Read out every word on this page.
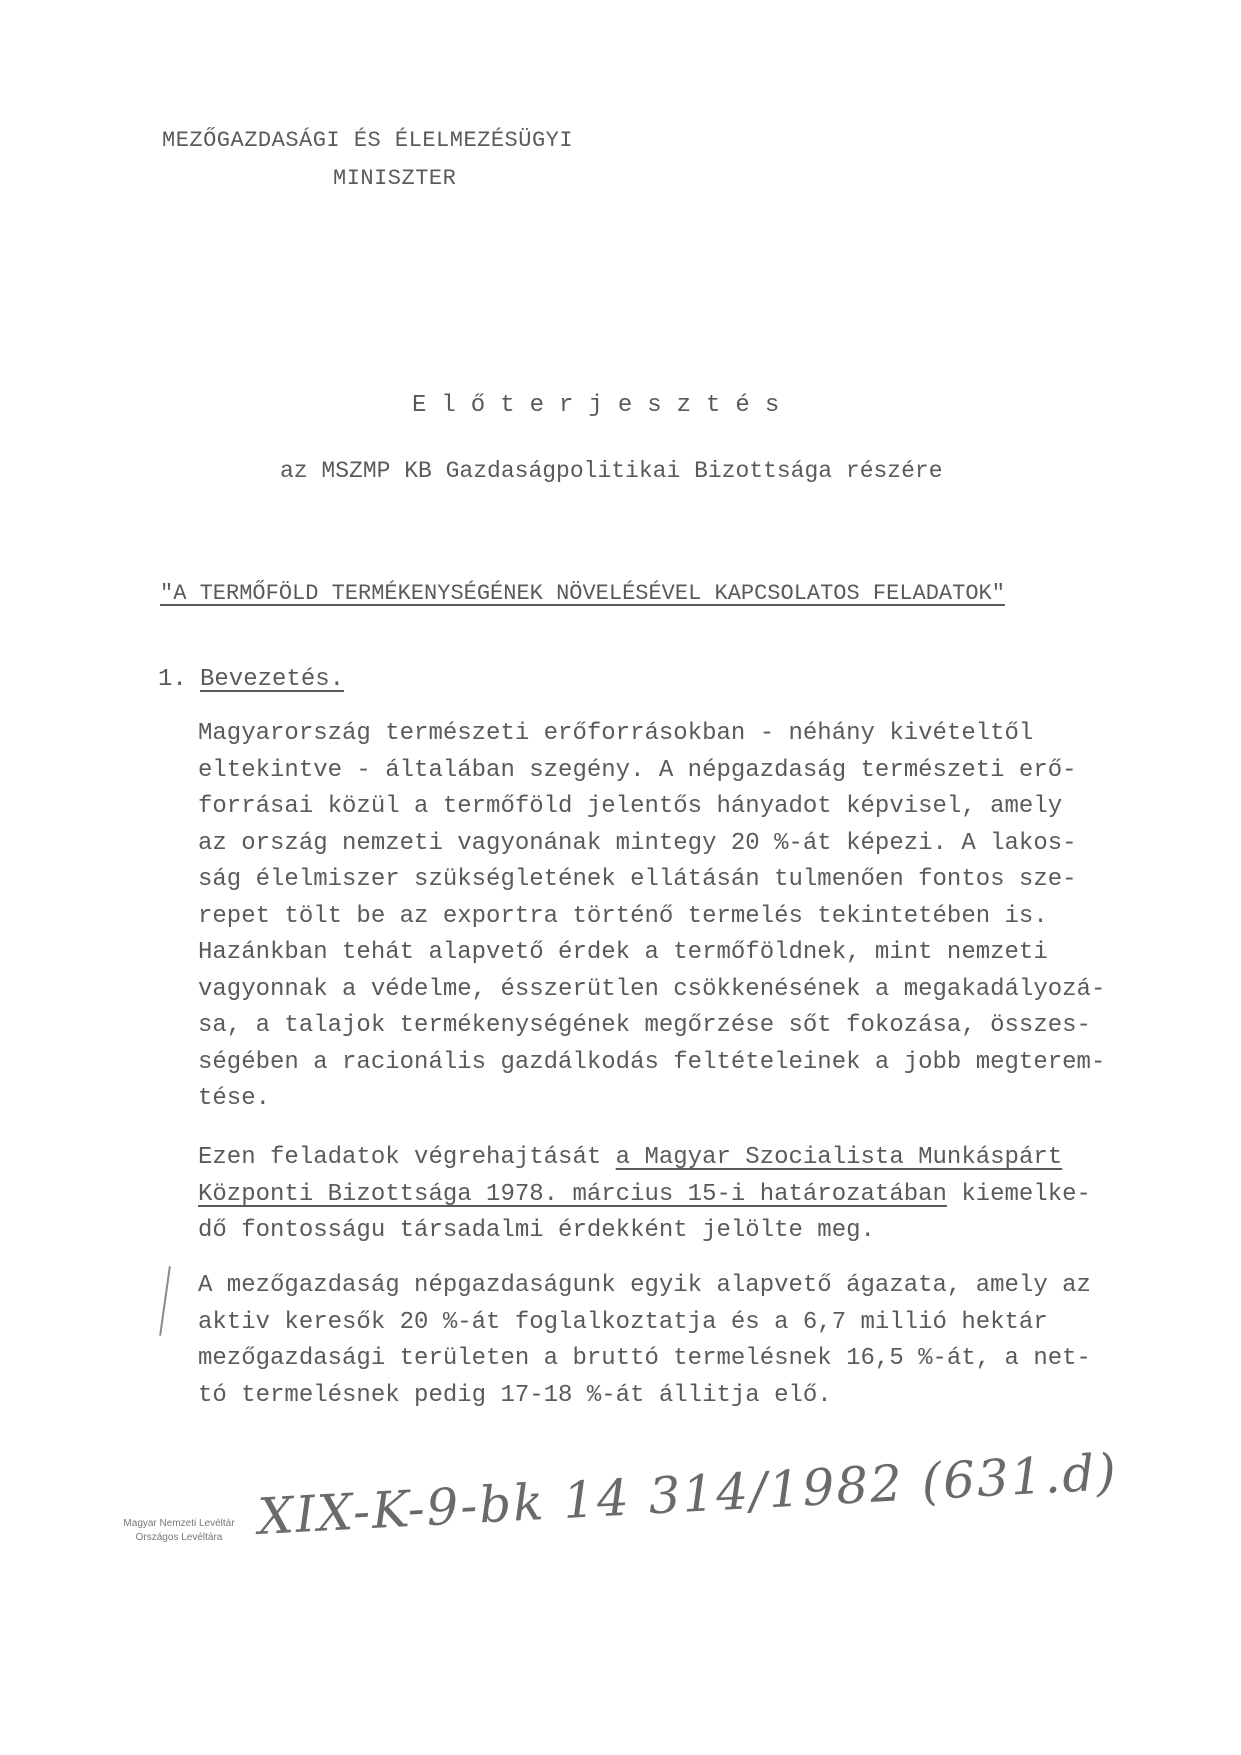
MEZŐGAZDASÁGI ÉS ÉLELMEZÉSÜGYI
MINISZTER
Előterjesztés
az MSZMP KB Gazdaságpolitikai Bizottsága részére
"A TERMŐFÖLD TERMÉKENYSÉGÉNEK NÖVELÉSÉVEL KAPCSOLATOS FELADATOK"
1. Bevezetés.

Magyarország természeti erőforrásokban - néhány kivételtől

eltekintve - általában szegény. A népgazdaság természeti erő-

forrásai közül a termőföld jelentős hányadot képvisel, amely

az ország nemzeti vagyonának mintegy 20 %-át képezi. A lakos-

ság élelmiszer szükségletének ellátásán tulmenően fontos sze-

repet tölt be az exportra történő termelés tekintetében is.

Hazánkban tehát alapvető érdek a termőföldnek, mint nemzeti

vagyonnak a védelme, ésszerütlen csökkenésének a megakadályozá-

sa, a talajok termékenységének megőrzése sőt fokozása, összes-

ségében a racionális gazdálkodás feltételeinek a jobb megterem-

tése.

Ezen feladatok végrehajtását a Magyar Szocialista Munkáspárt

Központi Bizottsága 1978. március 15-i határozatában kiemelke-

dő fontosságu társadalmi érdekként jelölte meg.

A mezőgazdaság népgazdaságunk egyik alapvető ágazata, amely az

aktiv keresők 20 %-át foglalkoztatja és a 6,7 millió hektár

mezőgazdasági területen a bruttó termelésnek 16,5 %-át, a net-

tó termelésnek pedig 17-18 %-át állitja elő.

Magyar Nemzeti Levéltár
Országos Levéltára XIX-K-9-bk 14 314/1982 (631.d)
